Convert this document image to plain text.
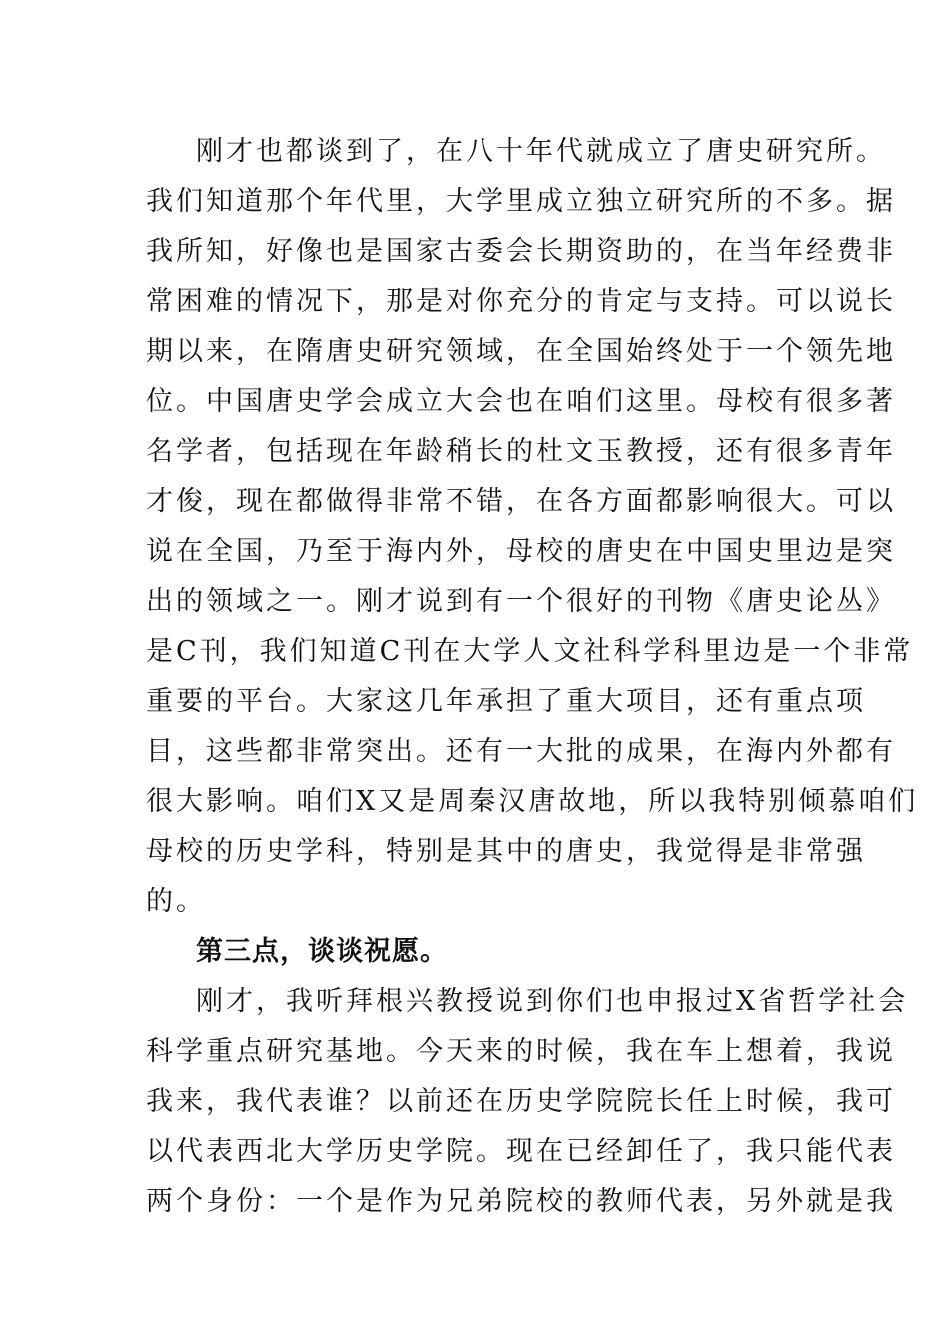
刚才也都谈到了，在八十年代就成立了唐史研究所。
我们知道那个年代里，大学里成立独立研究所的不多。据
我所知，好像也是国家古委会长期资助的，在当年经费非
常困难的情况下，那是对你充分的肯定与支持。可以说长
期以来，在隋唐史研究领域，在全国始终处于一个领先地
位。中国唐史学会成立大会也在咱们这里。母校有很多著
名学者，包括现在年龄稍长的杜文玉教授，还有很多青年
才俊，现在都做得非常不错，在各方面都影响很大。可以
说在全国，乃至于海内外，母校的唐史在中国史里边是突
出的领域之一。刚才说到有一个很好的刊物《唐史论丛》
是C刊，我们知道C刊在大学人文社科学科里边是一个非常
重要的平台。大家这几年承担了重大项目，还有重点项
目，这些都非常突出。还有一大批的成果，在海内外都有
很大影响。咱们X又是周秦汉唐故地，所以我特别倾慕咱们
母校的历史学科，特别是其中的唐史，我觉得是非常强
的。
第三点，谈谈祝愿。
刚才，我听拜根兴教授说到你们也申报过X省哲学社会
科学重点研究基地。今天来的时候，我在车上想着，我说
我来，我代表谁？以前还在历史学院院长任上时候，我可
以代表西北大学历史学院。现在已经卸任了，我只能代表
两个身份：一个是作为兄弟院校的教师代表，另外就是我
